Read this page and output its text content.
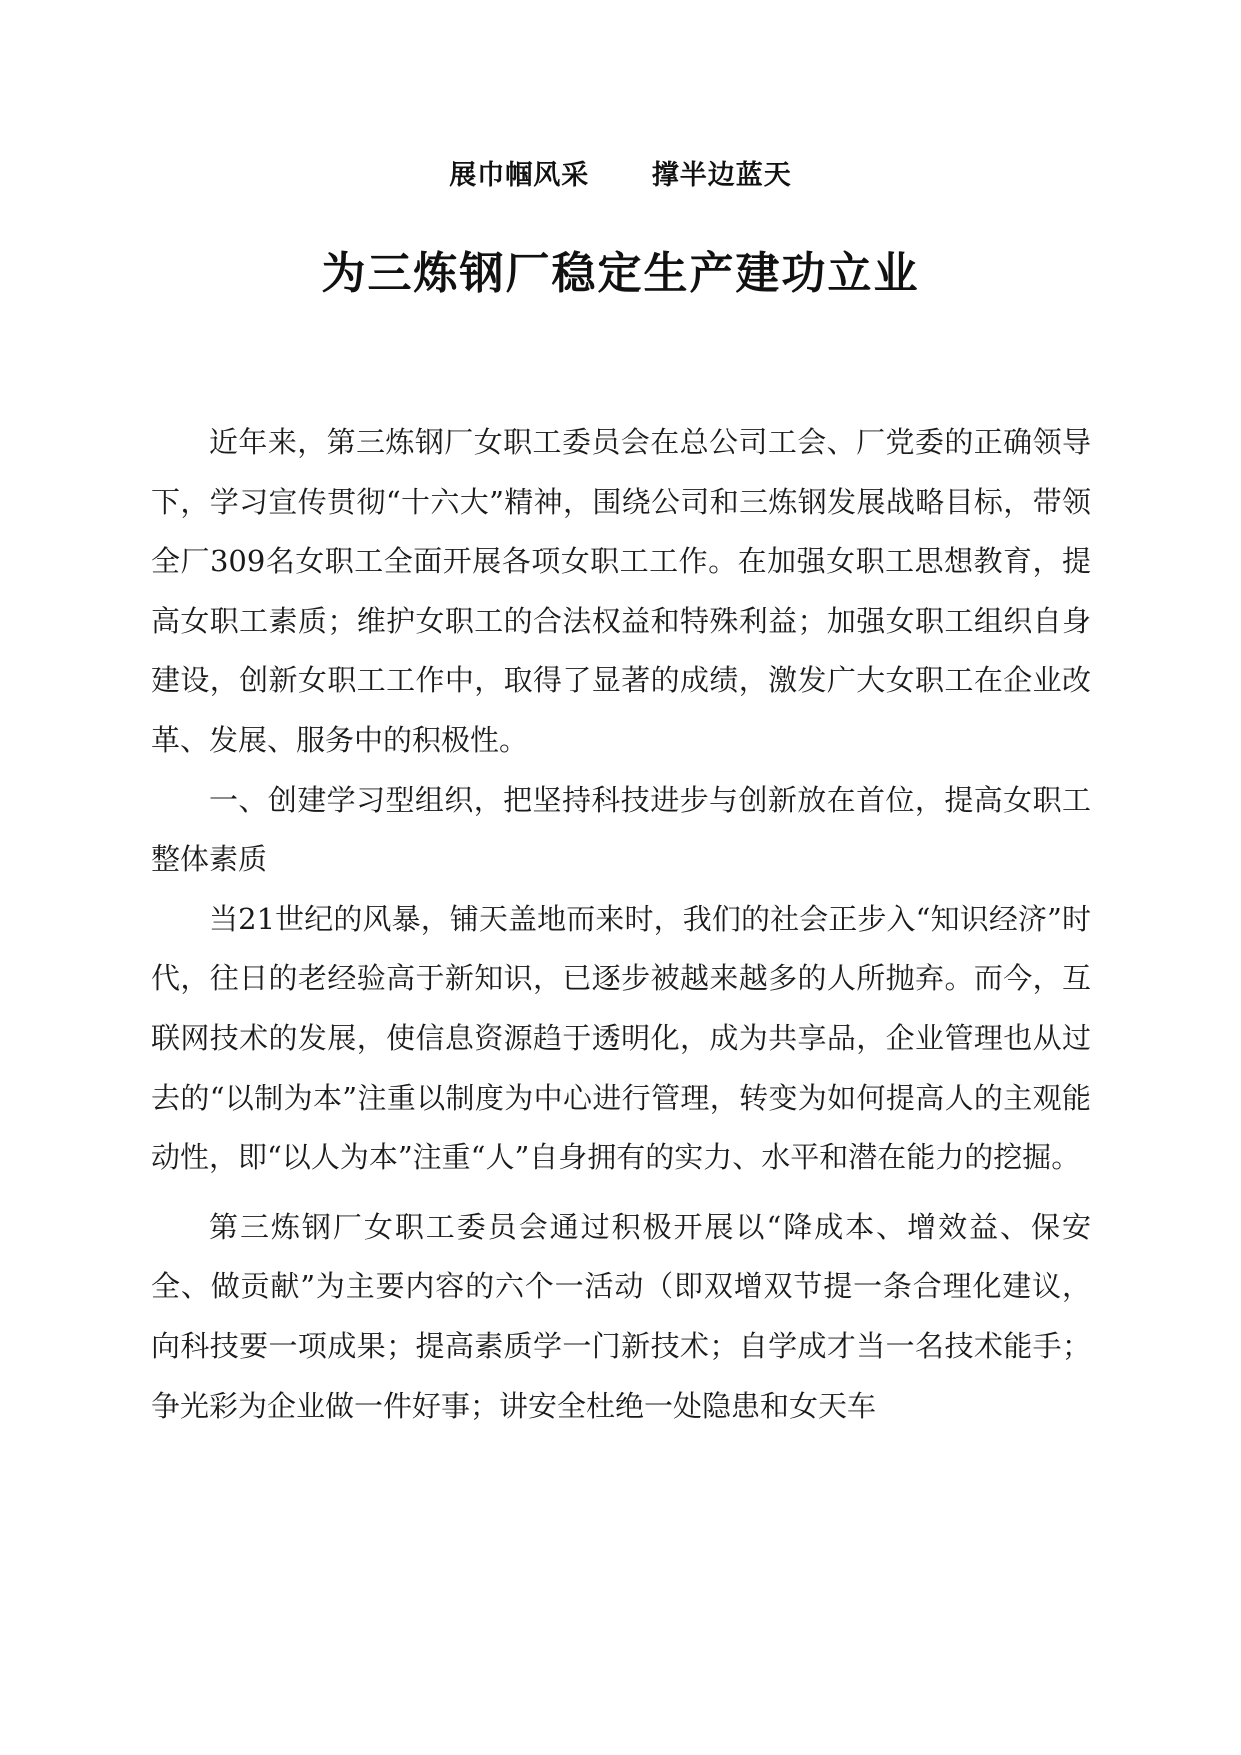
展巾帼风采      撑半边蓝天
为三炼钢厂稳定生产建功立业

近年来，第三炼钢厂女职工委员会在总公司工会、厂党委的正确领导下，学习宣传贯彻“十六大”精神，围绕公司和三炼钢发展战略目标，带领全厂309名女职工全面开展各项女职工工作。在加强女职工思想教育，提高女职工素质；维护女职工的合法权益和特殊利益；加强女职工组织自身建设，创新女职工工作中，取得了显著的成绩，激发广大女职工在企业改革、发展、服务中的积极性。

一、创建学习型组织，把坚持科技进步与创新放在首位，提高女职工整体素质

当21世纪的风暴，铺天盖地而来时，我们的社会正步入“知识经济”时代，往日的老经验高于新知识，已逐步被越来越多的人所抛弃。而今，互联网技术的发展，使信息资源趋于透明化，成为共享品，企业管理也从过去的“以制为本”注重以制度为中心进行管理，转变为如何提高人的主观能动性，即“以人为本”注重“人”自身拥有的实力、水平和潜在能力的挖掘。

第三炼钢厂女职工委员会通过积极开展以“降成本、增效益、保安全、做贡献”为主要内容的六个一活动（即双增双节提一条合理化建议，向科技要一项成果；提高素质学一门新技术；自学成才当一名技术能手；争光彩为企业做一件好事；讲安全杜绝一处隐患和女天车
